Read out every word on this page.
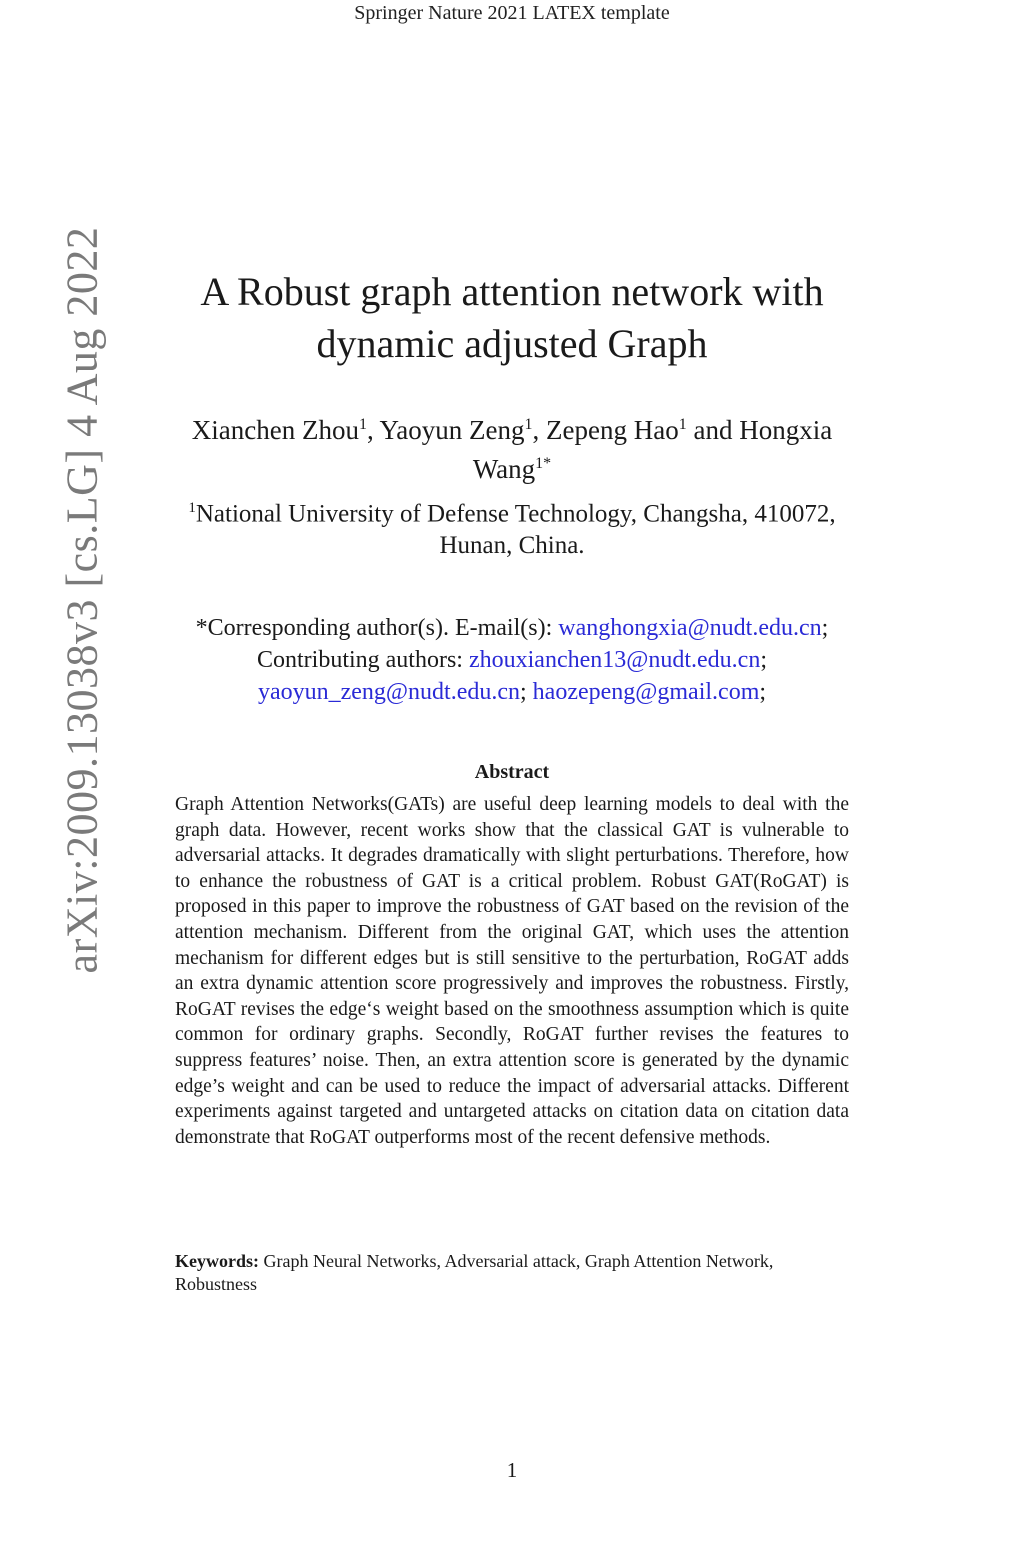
Springer Nature 2021 LATEX template
arXiv:2009.13038v3 [cs.LG] 4 Aug 2022	A Robust graph attention network with
dynamic adjusted Graph
Xianchen Zhou$^1$, Yaoyun Zeng$^1$, Zepeng Hao$^1$ and Hongxia
Wang$^{1*}$
$^1$National University of Defense Technology, Changsha, 410072,
Hunan, China.
*Corresponding author(s). E-mail(s): wanghongxia@nudt.edu.cn;
Contributing authors: zhouxianchen13@nudt.edu.cn;
yaoyun_zeng@nudt.edu.cn; haozepeng@gmail.com;
Abstract
Graph Attention Networks(GATs) are useful deep learning models to deal with the graph data. However, recent works show that the classical GAT is vulnerable to adversarial attacks. It degrades dramatically with slight perturbations. Therefore, how to enhance the robustness of GAT is a critical problem. Robust GAT(RoGAT) is proposed in this paper to improve the robustness of GAT based on the revision of the attention mechanism. Different from the original GAT, which uses the attention mechanism for different edges but is still sensitive to the perturbation, RoGAT adds an extra dynamic attention score progressively and improves the robustness. Firstly, RoGAT revises the edge‘s weight based on the smoothness assumption which is quite common for ordinary graphs. Secondly, RoGAT further revises the features to suppress features’ noise. Then, an extra attention score is generated by the dynamic edge’s weight and can be used to reduce the impact of adversarial attacks. Different experiments against targeted and untargeted attacks on citation data on citation data demonstrate that RoGAT outperforms most of the recent defensive methods.
Keywords: Graph Neural Networks, Adversarial attack, Graph Attention Network, Robustness
1
